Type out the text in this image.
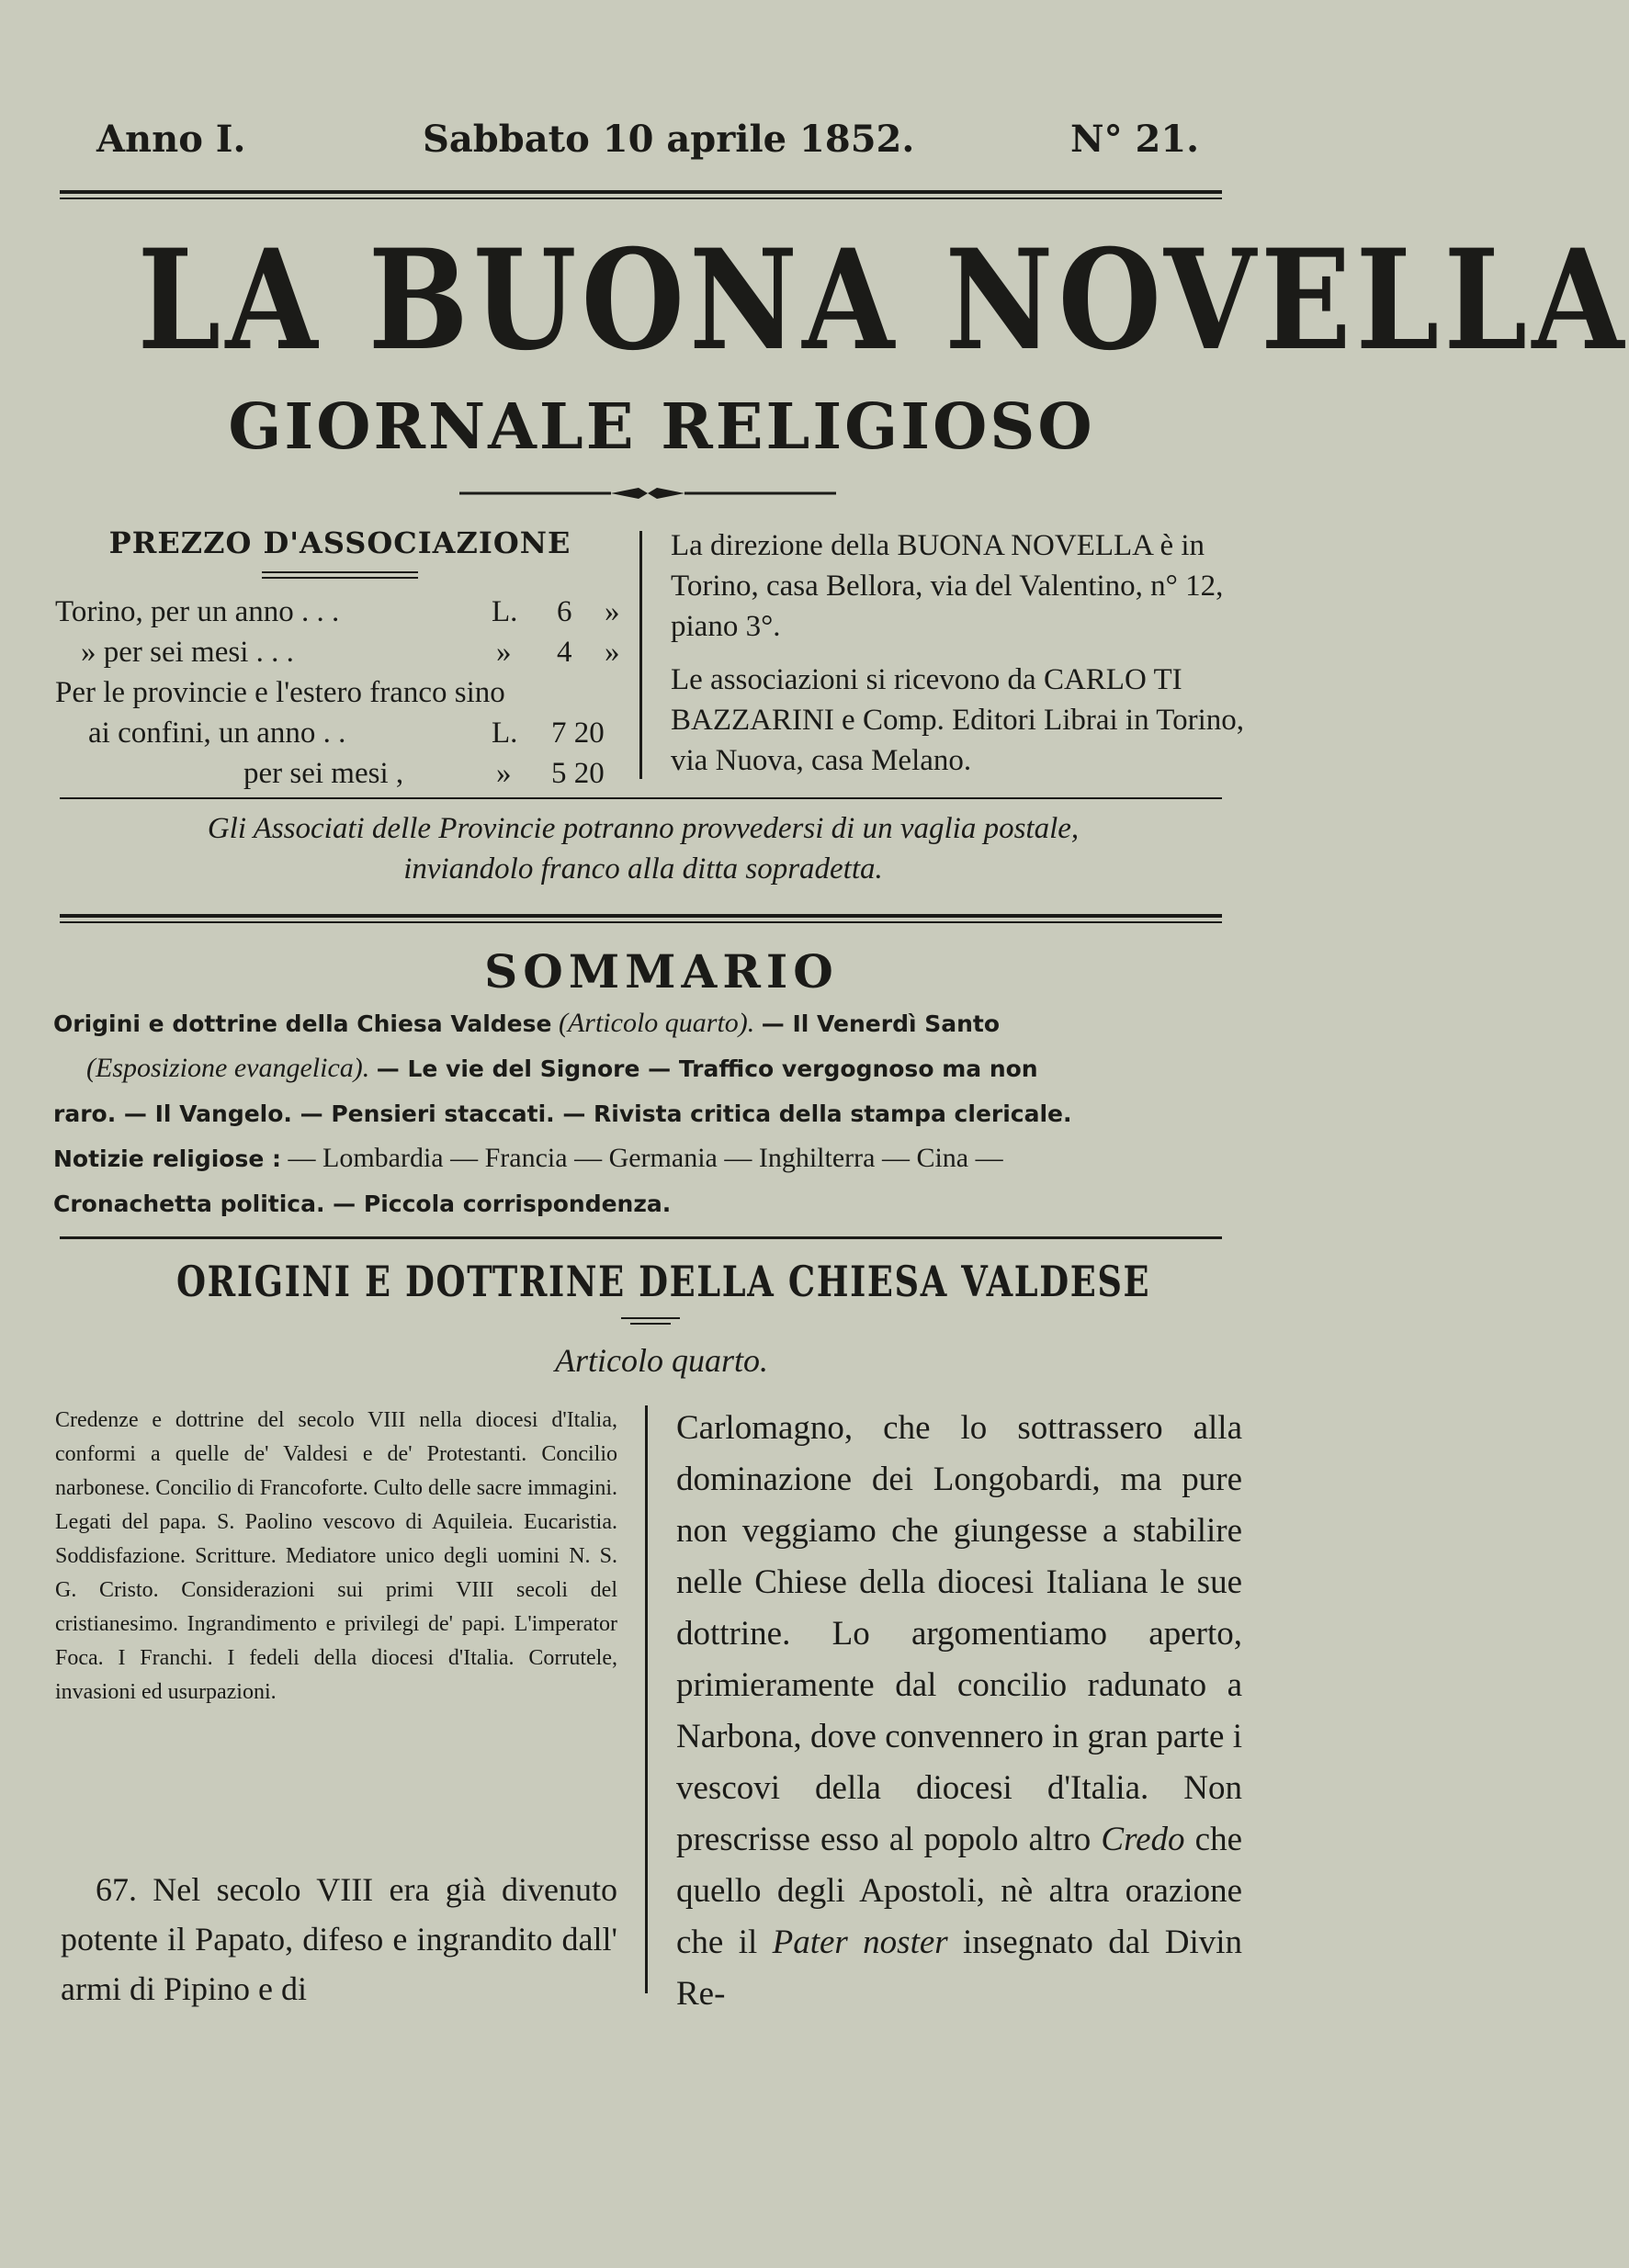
Anno I.	Sabbato 10 aprile 1852.	N° 21.
LA BUONA NOVELLA
GIORNALE RELIGIOSO
PREZZO D'ASSOCIAZIONE
Torino, per un anno . . .	L. 6 »
» per sei mesi . . .	» 4 »
Per le provincie e l'estero franco sino
ai confini, un anno . .	L. 7 20
per sei mesi ,	» 5 20

La direzione della BUONA NOVELLA è in Torino, casa Bellora, via del Valentino, n° 12, piano 3°.

Le associazioni si ricevono da CARLO TI BAZZARINI e Comp. Editori Librai in Torino, via Nuova, casa Melano.

Gli Associati delle Provincie potranno provvedersi di un vaglia postale,
inviandolo franco alla ditta sopradetta.
SOMMARIO
Origini e dottrine della Chiesa Valdese (Articolo quarto). — Il Venerdì Santo
(Esposizione evangelica). — Le vie del Signore — Traffico vergognoso ma non
raro. — Il Vangelo. — Pensieri staccati. — Rivista critica della stampa clericale.
Notizie religiose : — Lombardia — Francia — Germania — Inghilterra — Cina —
Cronachetta politica. — Piccola corrispondenza.
ORIGINI E DOTTRINE DELLA CHIESA VALDESE
Articolo quarto.
Credenze e dottrine del secolo VIII nella diocesi d'Italia, conformi a quelle de' Valdesi e de' Protestanti. Concilio narbonese. Concilio di Francoforte. Culto delle sacre immagini. Legati del papa. S. Paolino vescovo di Aquileia. Eucaristia. Soddisfazione. Scritture. Mediatore unico degli uomini N. S. G. Cristo. Considerazioni sui primi VIII secoli del cristianesimo. Ingrandimento e privilegi de' papi. L'imperator Foca. I Franchi. I fedeli della diocesi d'Italia. Corrutele, invasioni ed usurpazioni.
67. Nel secolo VIII era già divenuto potente il Papato, difeso e ingrandito dall' armi di Pipino e di
Carlomagno, che lo sottrassero alla dominazione dei Longobardi, ma pure non veggiamo che giungesse a stabilire nelle Chiese della diocesi Italiana le sue dottrine. Lo argomentiamo aperto, primieramente dal concilio radunato a Narbona, dove convennero in gran parte i vescovi della diocesi d'Italia. Non prescrisse esso al popolo altro Credo che quello degli Apostoli, nè altra orazione che il Pater noster insegnato dal Divin Re-
